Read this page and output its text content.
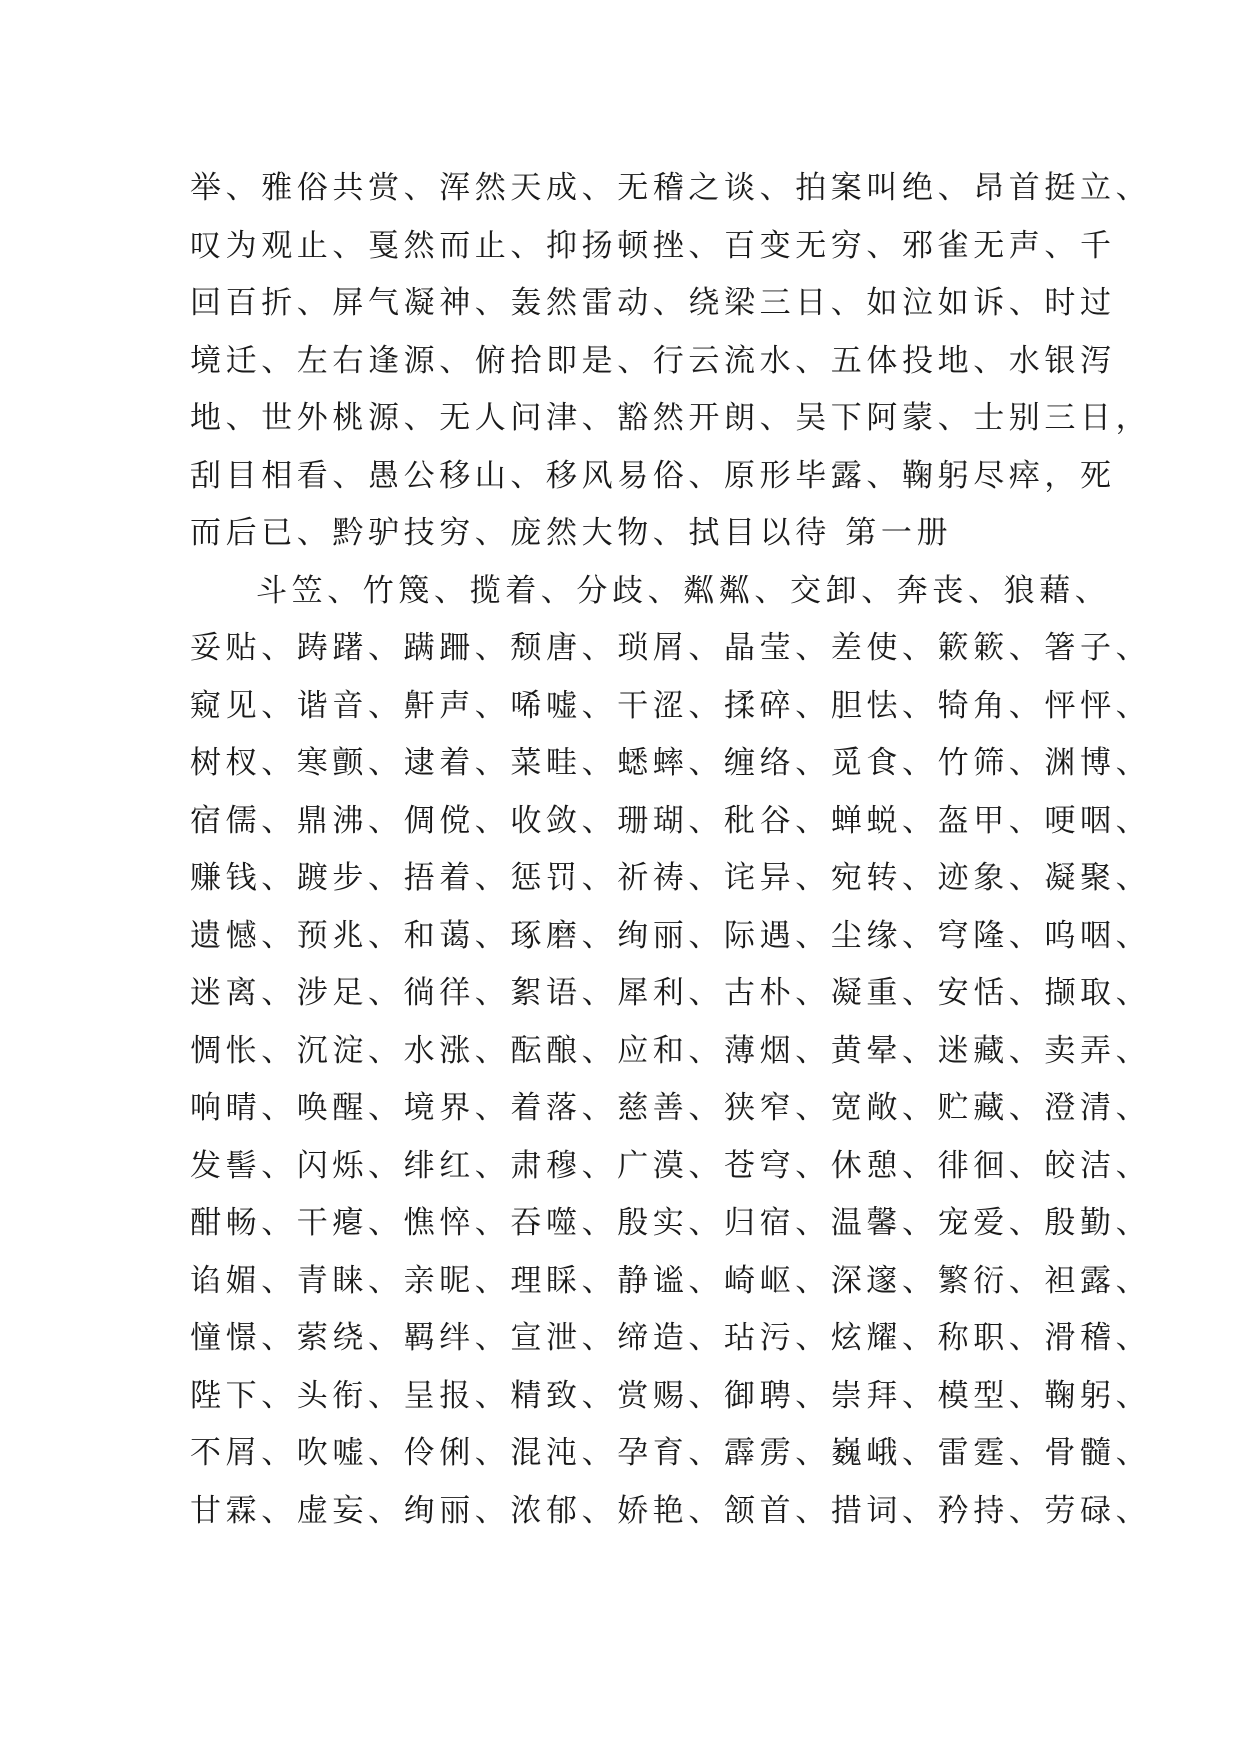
举、雅俗共赏、浑然天成、无稽之谈、拍案叫绝、昂首挺立、
叹为观止、戛然而止、抑扬顿挫、百变无穷、邪雀无声、千
回百折、屏气凝神、轰然雷动、绕梁三日、如泣如诉、时过
境迁、左右逢源、俯拾即是、行云流水、五体投地、水银泻
地、世外桃源、无人问津、豁然开朗、吴下阿蒙、士别三日，
刮目相看、愚公移山、移风易俗、原形毕露、鞠躬尽瘁，死
而后已、黔驴技穷、庞然大物、拭目以待 第一册
斗笠、竹篾、揽着、分歧、粼粼、交卸、奔丧、狼藉、
妥贴、踌躇、蹒跚、颓唐、琐屑、晶莹、差使、簌簌、箸子、
窥见、谐音、鼾声、唏嘘、干涩、揉碎、胆怯、犄角、怦怦、
树杈、寒颤、逮着、菜畦、蟋蟀、缠络、觅食、竹筛、渊博、
宿儒、鼎沸、倜傥、收敛、珊瑚、秕谷、蝉蜕、盔甲、哽咽、
赚钱、踱步、捂着、惩罚、祈祷、诧异、宛转、迹象、凝聚、
遗憾、预兆、和蔼、琢磨、绚丽、际遇、尘缘、穹隆、呜咽、
迷离、涉足、徜徉、絮语、犀利、古朴、凝重、安恬、撷取、
惆怅、沉淀、水涨、酝酿、应和、薄烟、黄晕、迷藏、卖弄、
响晴、唤醒、境界、着落、慈善、狭窄、宽敞、贮藏、澄清、
发髻、闪烁、绯红、肃穆、广漠、苍穹、休憩、徘徊、皎洁、
酣畅、干瘪、憔悴、吞噬、殷实、归宿、温馨、宠爱、殷勤、
谄媚、青睐、亲昵、理睬、静谧、崎岖、深邃、繁衍、袒露、
憧憬、萦绕、羁绊、宣泄、缔造、玷污、炫耀、称职、滑稽、
陛下、头衔、呈报、精致、赏赐、御聘、崇拜、模型、鞠躬、
不屑、吹嘘、伶俐、混沌、孕育、霹雳、巍峨、雷霆、骨髓、
甘霖、虚妄、绚丽、浓郁、娇艳、颔首、措词、矜持、劳碌、
